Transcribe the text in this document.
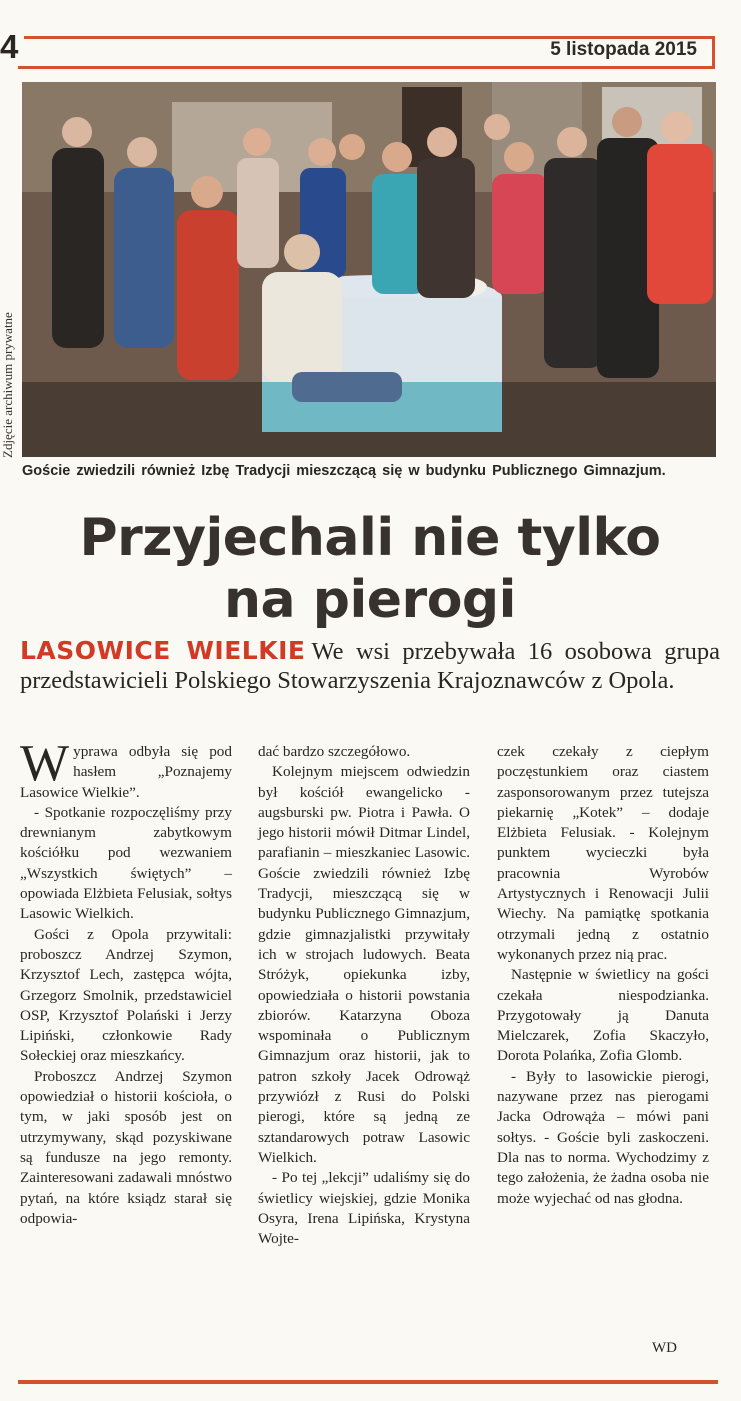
4	5 listopada 2015
Zdjęcie archiwum prywatne
Goście zwiedzili również Izbę Tradycji mieszczącą się w budynku Publicznego Gimnazjum.
Przyjechali nie tylko
na pierogi
LASOWICE WIELKIE We wsi przebywała 16 osobowa grupa przedstawicieli Polskiego Stowarzyszenia Krajoznawców z Opola.

Wyprawa odbyła się pod hasłem „Poznajemy Lasowice Wielkie”.

- Spotkanie rozpoczęliśmy przy drewnianym zabytkowym kościółku pod wezwaniem „Wszystkich świętych” – opowiada Elżbieta Felusiak, sołtys Lasowic Wielkich.

Gości z Opola przywitali: proboszcz Andrzej Szymon, Krzysztof Lech, zastępca wójta, Grzegorz Smolnik, przedstawiciel OSP, Krzysztof Polański i Jerzy Lipiński, członkowie Rady Sołeckiej oraz mieszkańcy.

Proboszcz Andrzej Szymon opowiedział o historii kościoła, o tym, w jaki sposób jest on utrzymywany, skąd pozyskiwane są fundusze na jego remonty. Zainteresowani zadawali mnóstwo pytań, na które ksiądz starał się odpowia-

dać bardzo szczegółowo.

Kolejnym miejscem odwiedzin był kościół ewangelicko - augsburski pw. Piotra i Pawła. O jego historii mówił Ditmar Lindel, parafianin – mieszkaniec Lasowic. Goście zwiedzili również Izbę Tradycji, mieszczącą się w budynku Publicznego Gimnazjum, gdzie gimnazjalistki przywitały ich w strojach ludowych. Beata Stróżyk, opiekunka izby, opowiedziała o historii powstania zbiorów. Katarzyna Oboza wspominała o Publicznym Gimnazjum oraz historii, jak to patron szkoły Jacek Odrowąż przywiózł z Rusi do Polski pierogi, które są jedną ze sztandarowych potraw Lasowic Wielkich.

- Po tej „lekcji” udaliśmy się do świetlicy wiejskiej, gdzie Monika Osyra, Irena Lipińska, Krystyna Wojte-

czek czekały z ciepłym poczęstunkiem oraz ciastem zasponsorowanym przez tutejsza piekarnię „Kotek” – dodaje Elżbieta Felusiak. - Kolejnym punktem wycieczki była pracownia Wyrobów Artystycznych i Renowacji Julii Wiechy. Na pamiątkę spotkania otrzymali jedną z ostatnio wykonanych przez nią prac.

Następnie w świetlicy na gości czekała niespodzianka. Przygotowały ją Danuta Mielczarek, Zofia Skaczyło, Dorota Polańka, Zofia Glomb.

- Były to lasowickie pierogi, nazywane przez nas pierogami Jacka Odrowąża – mówi pani sołtys. - Goście byli zaskoczeni. Dla nas to norma. Wychodzimy z tego założenia, że żadna osoba nie może wyjechać od nas głodna.

WD
